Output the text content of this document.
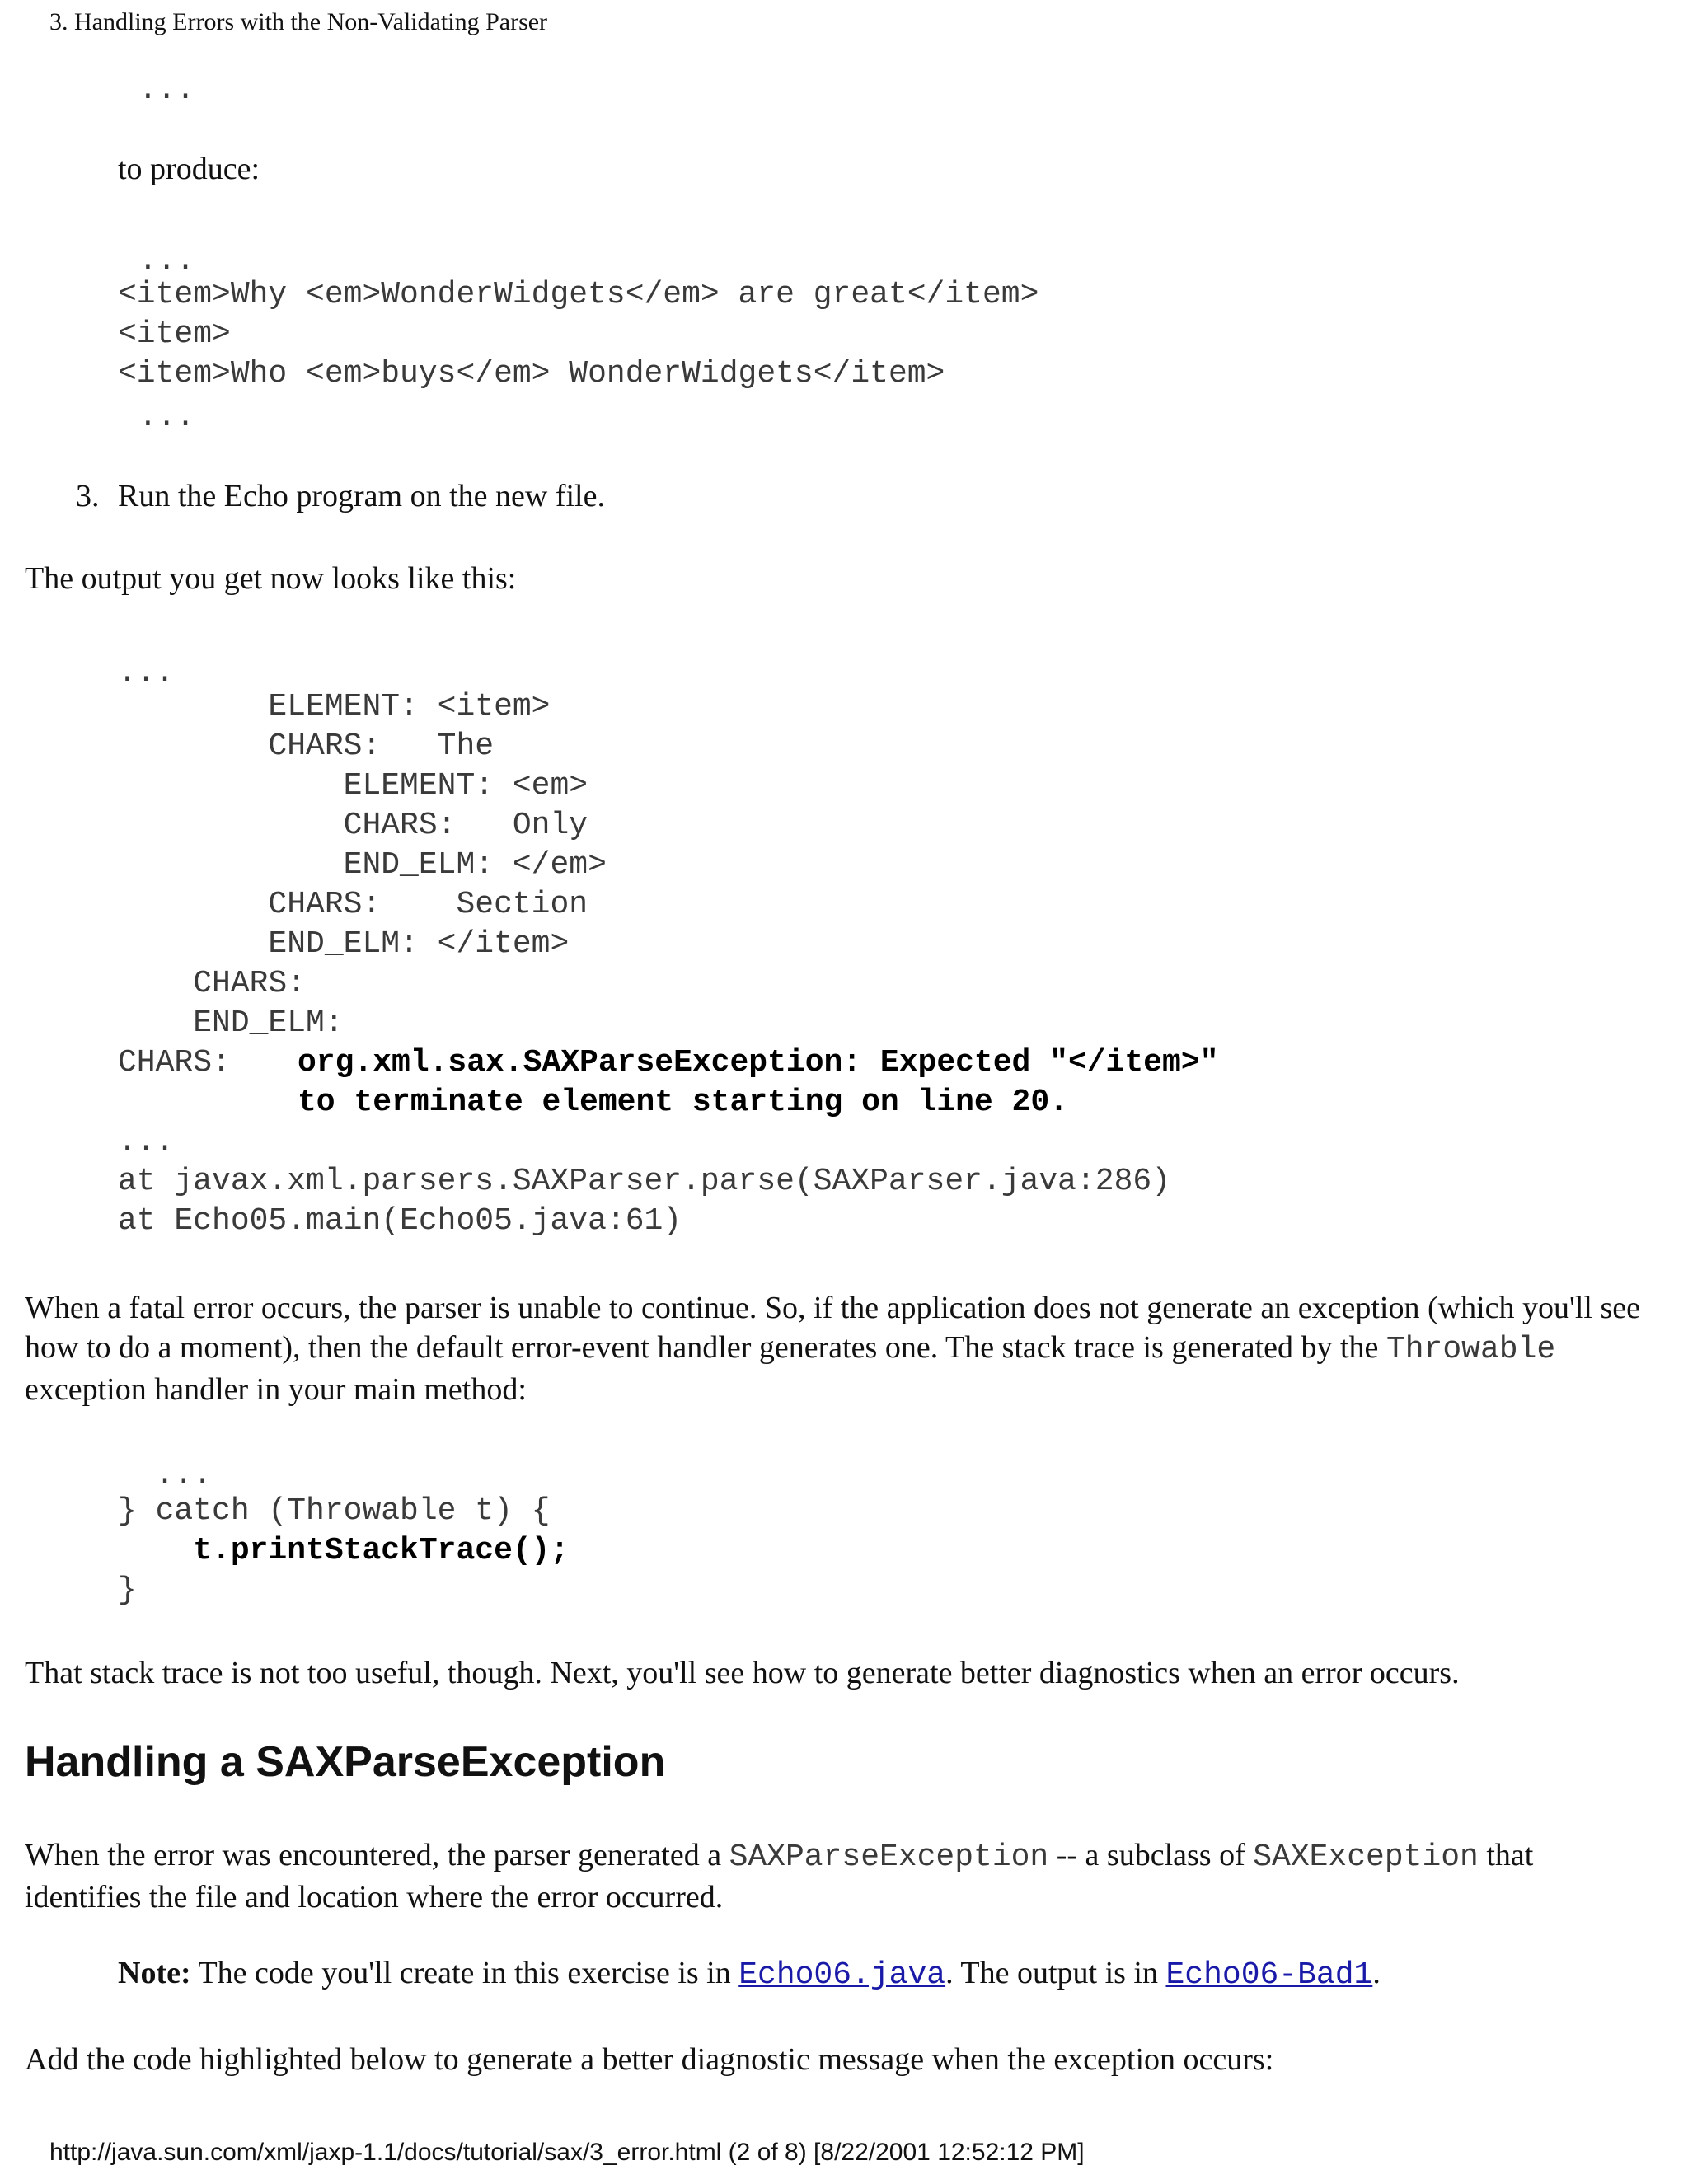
3. Handling Errors with the Non-Validating Parser
...
to produce:
...
<item>Why <em>WonderWidgets</em> are great</item>
<item>
<item>Who <em>buys</em> WonderWidgets</item>
...
3. Run the Echo program on the new file.
The output you get now looks like this:
...
ELEMENT: <item>
CHARS:   The
ELEMENT: <em>
CHARS:   Only
END_ELM: </em>
CHARS:    Section
END_ELM: </item>
CHARS:
END_ELM:
CHARS: org.xml.sax.SAXParseException: Expected "</item>"
to terminate element starting on line 20.
...
at javax.xml.parsers.SAXParser.parse(SAXParser.java:286)
at Echo05.main(Echo05.java:61)
When a fatal error occurs, the parser is unable to continue. So, if the application does not generate an exception (which you'll see how to do a moment), then the default error-event handler generates one. The stack trace is generated by the Throwable exception handler in your main method:
...
} catch (Throwable t) {
t.printStackTrace();
}
That stack trace is not too useful, though. Next, you'll see how to generate better diagnostics when an error occurs.
Handling a SAXParseException
When the error was encountered, the parser generated a SAXParseException -- a subclass of SAXException that identifies the file and location where the error occurred.
Note: The code you'll create in this exercise is in Echo06.java. The output is in Echo06-Bad1.
Add the code highlighted below to generate a better diagnostic message when the exception occurs:
http://java.sun.com/xml/jaxp-1.1/docs/tutorial/sax/3_error.html (2 of 8) [8/22/2001 12:52:12 PM]
